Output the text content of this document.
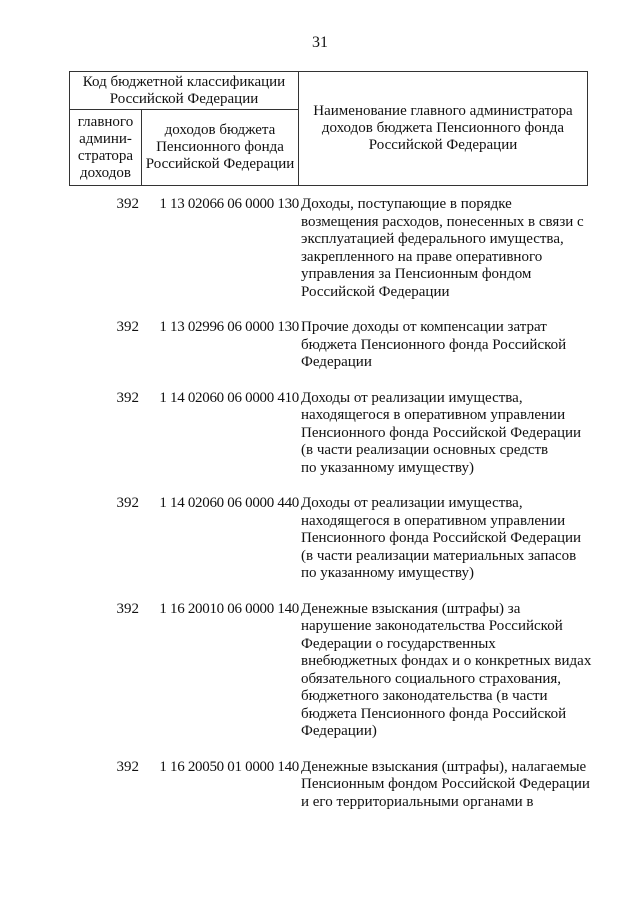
31
Код бюджетной классификации Российской Федерации		Наименование главного администратора доходов бюджета Пенсионного фонда Российской Федерации
главного админи-стратора доходов	доходов бюджета Пенсионного фонда Российской Федерации	
392	1 13 02066 06 0000 130 Доходы, поступающие в порядке
возмещения расходов, понесенных в связи с
эксплуатацией федерального имущества,
закрепленного на праве оперативного
управления за Пенсионным фондом
Российской Федерации
392	1 13 02996 06 0000 130 Прочие доходы от компенсации затрат
бюджета Пенсионного фонда Российской
Федерации
392	1 14 02060 06 0000 410 Доходы от реализации имущества,
находящегося в оперативном управлении
Пенсионного фонда Российской Федерации
(в части реализации основных средств
по указанному имуществу)
392	1 14 02060 06 0000 440 Доходы от реализации имущества,
находящегося в оперативном управлении
Пенсионного фонда Российской Федерации
(в части реализации материальных запасов
по указанному имуществу)
392	1 16 20010 06 0000 140 Денежные взыскания (штрафы) за
нарушение законодательства Российской
Федерации о государственных
внебюджетных фондах и о конкретных видах
обязательного социального страхования,
бюджетного законодательства (в части
бюджета Пенсионного фонда Российской
Федерации)
392	1 16 20050 01 0000 140 Денежные взыскания (штрафы), налагаемые
Пенсионным фондом Российской Федерации
и его территориальными органами в
